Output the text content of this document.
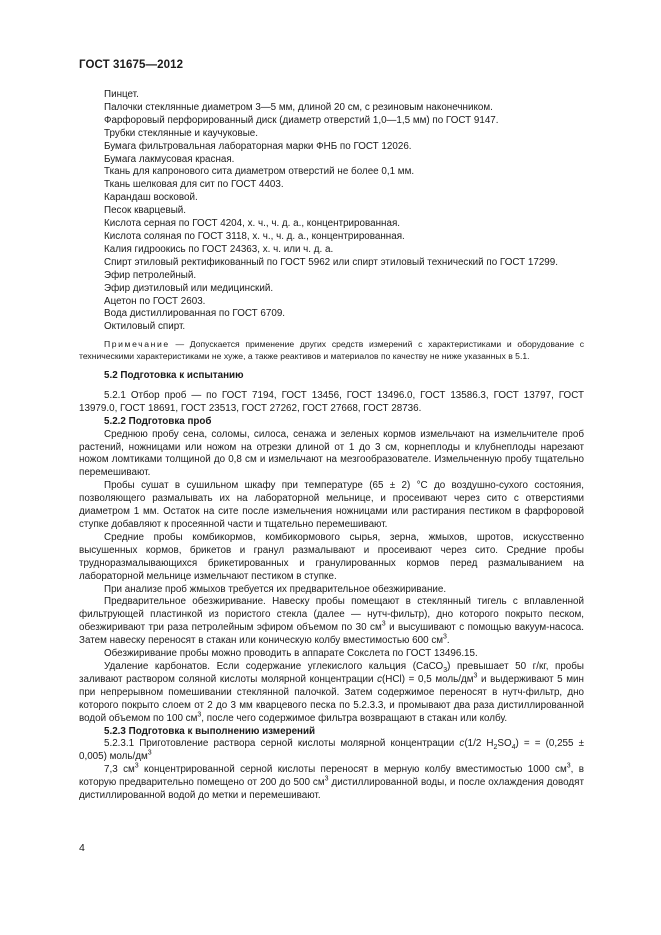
ГОСТ 31675—2012

Пинцет.

Палочки стеклянные диаметром 3—5 мм, длиной 20 см, с резиновым наконечником.

Фарфоровый перфорированный диск (диаметр отверстий 1,0—1,5 мм) по ГОСТ 9147.

Трубки стеклянные и каучуковые.

Бумага фильтровальная лабораторная марки ФНБ по ГОСТ 12026.

Бумага лакмусовая красная.

Ткань для капронового сита диаметром отверстий не более 0,1 мм.

Ткань шелковая для сит по ГОСТ 4403.

Карандаш восковой.

Песок кварцевый.

Кислота серная по ГОСТ 4204, х. ч., ч. д. а., концентрированная.

Кислота соляная по ГОСТ 3118, х. ч., ч. д. а., концентрированная.

Калия гидроокись по ГОСТ 24363, х. ч. или ч. д. а.

Спирт этиловый ректификованный по ГОСТ 5962 или спирт этиловый технический по ГОСТ 17299.

Эфир петролейный.

Эфир диэтиловый или медицинский.

Ацетон по ГОСТ 2603.

Вода дистиллированная по ГОСТ 6709.

Октиловый спирт.

Примечание — Допускается применение других средств измерений с характеристиками и оборудование с техническими характеристиками не хуже, а также реактивов и материалов по качеству не ниже указанных в 5.1.

5.2 Подготовка к испытанию

5.2.1 Отбор проб — по ГОСТ 7194, ГОСТ 13456, ГОСТ 13496.0, ГОСТ 13586.3, ГОСТ 13797, ГОСТ 13979.0, ГОСТ 18691, ГОСТ 23513, ГОСТ 27262, ГОСТ 27668, ГОСТ 28736.

5.2.2 Подготовка проб

Среднюю пробу сена, соломы, силоса, сенажа и зеленых кормов измельчают на измельчителе проб растений, ножницами или ножом на отрезки длиной от 1 до 3 см, корнеплоды и клубнеплоды нарезают ножом ломтиками толщиной до 0,8 см и измельчают на мезгообразователе. Измельченную пробу тщательно перемешивают.

Пробы сушат в сушильном шкафу при температуре (65 ± 2) °С до воздушно-сухого состояния, позволяющего размалывать их на лабораторной мельнице, и просеивают через сито с отверстиями диаметром 1 мм. Остаток на сите после измельчения ножницами или растирания пестиком в фарфоровой ступке добавляют к просеянной части и тщательно перемешивают.

Средние пробы комбикормов, комбикормового сырья, зерна, жмыхов, шротов, искусственно высушенных кормов, брикетов и гранул размалывают и просеивают через сито. Средние пробы трудноразмалывающихся брикетированных и гранулированных кормов перед размалыванием на лабораторной мельнице измельчают пестиком в ступке.

При анализе проб жмыхов требуется их предварительное обезжиривание.

Предварительное обезжиривание. Навеску пробы помещают в стеклянный тигель с вплавленной фильтрующей пластинкой из пористого стекла (далее — нутч-фильтр), дно которого покрыто песком, обезжиривают три раза петролейным эфиром объемом по 30 $см^3$ и высушивают с помощью вакуум-насоса. Затем навеску переносят в стакан или коническую колбу вместимостью 600 $см^3$.

Обезжиривание пробы можно проводить в аппарате Сокслета по ГОСТ 13496.15.

Удаление карбонатов. Если содержание углекислого кальция (СаСО$_3$) превышает 50 г/кг, пробы заливают раствором соляной кислоты молярной концентрации c(HCl) = 0,5 моль/$дм^3$ и выдерживают 5 мин при непрерывном помешивании стеклянной палочкой. Затем содержимое переносят в нутч-фильтр, дно которого покрыто слоем от 2 до 3 мм кварцевого песка по 5.2.3.3, и промывают два раза дистиллированной водой объемом по 100 $см^3$, после чего содержимое фильтра возвращают в стакан или колбу.

5.2.3 Подготовка к выполнению измерений

5.2.3.1 Приготовление раствора серной кислоты молярной концентрации c(1/2 $H_2SO_4$) = = (0,255 ± 0,005) моль/$дм^3$

7,3 $см^3$ концентрированной серной кислоты переносят в мерную колбу вместимостью 1000 $см^3$, в которую предварительно помещено от 200 до 500 $см^3$ дистиллированной воды, и после охлаждения доводят дистиллированной водой до метки и перемешивают.

4
